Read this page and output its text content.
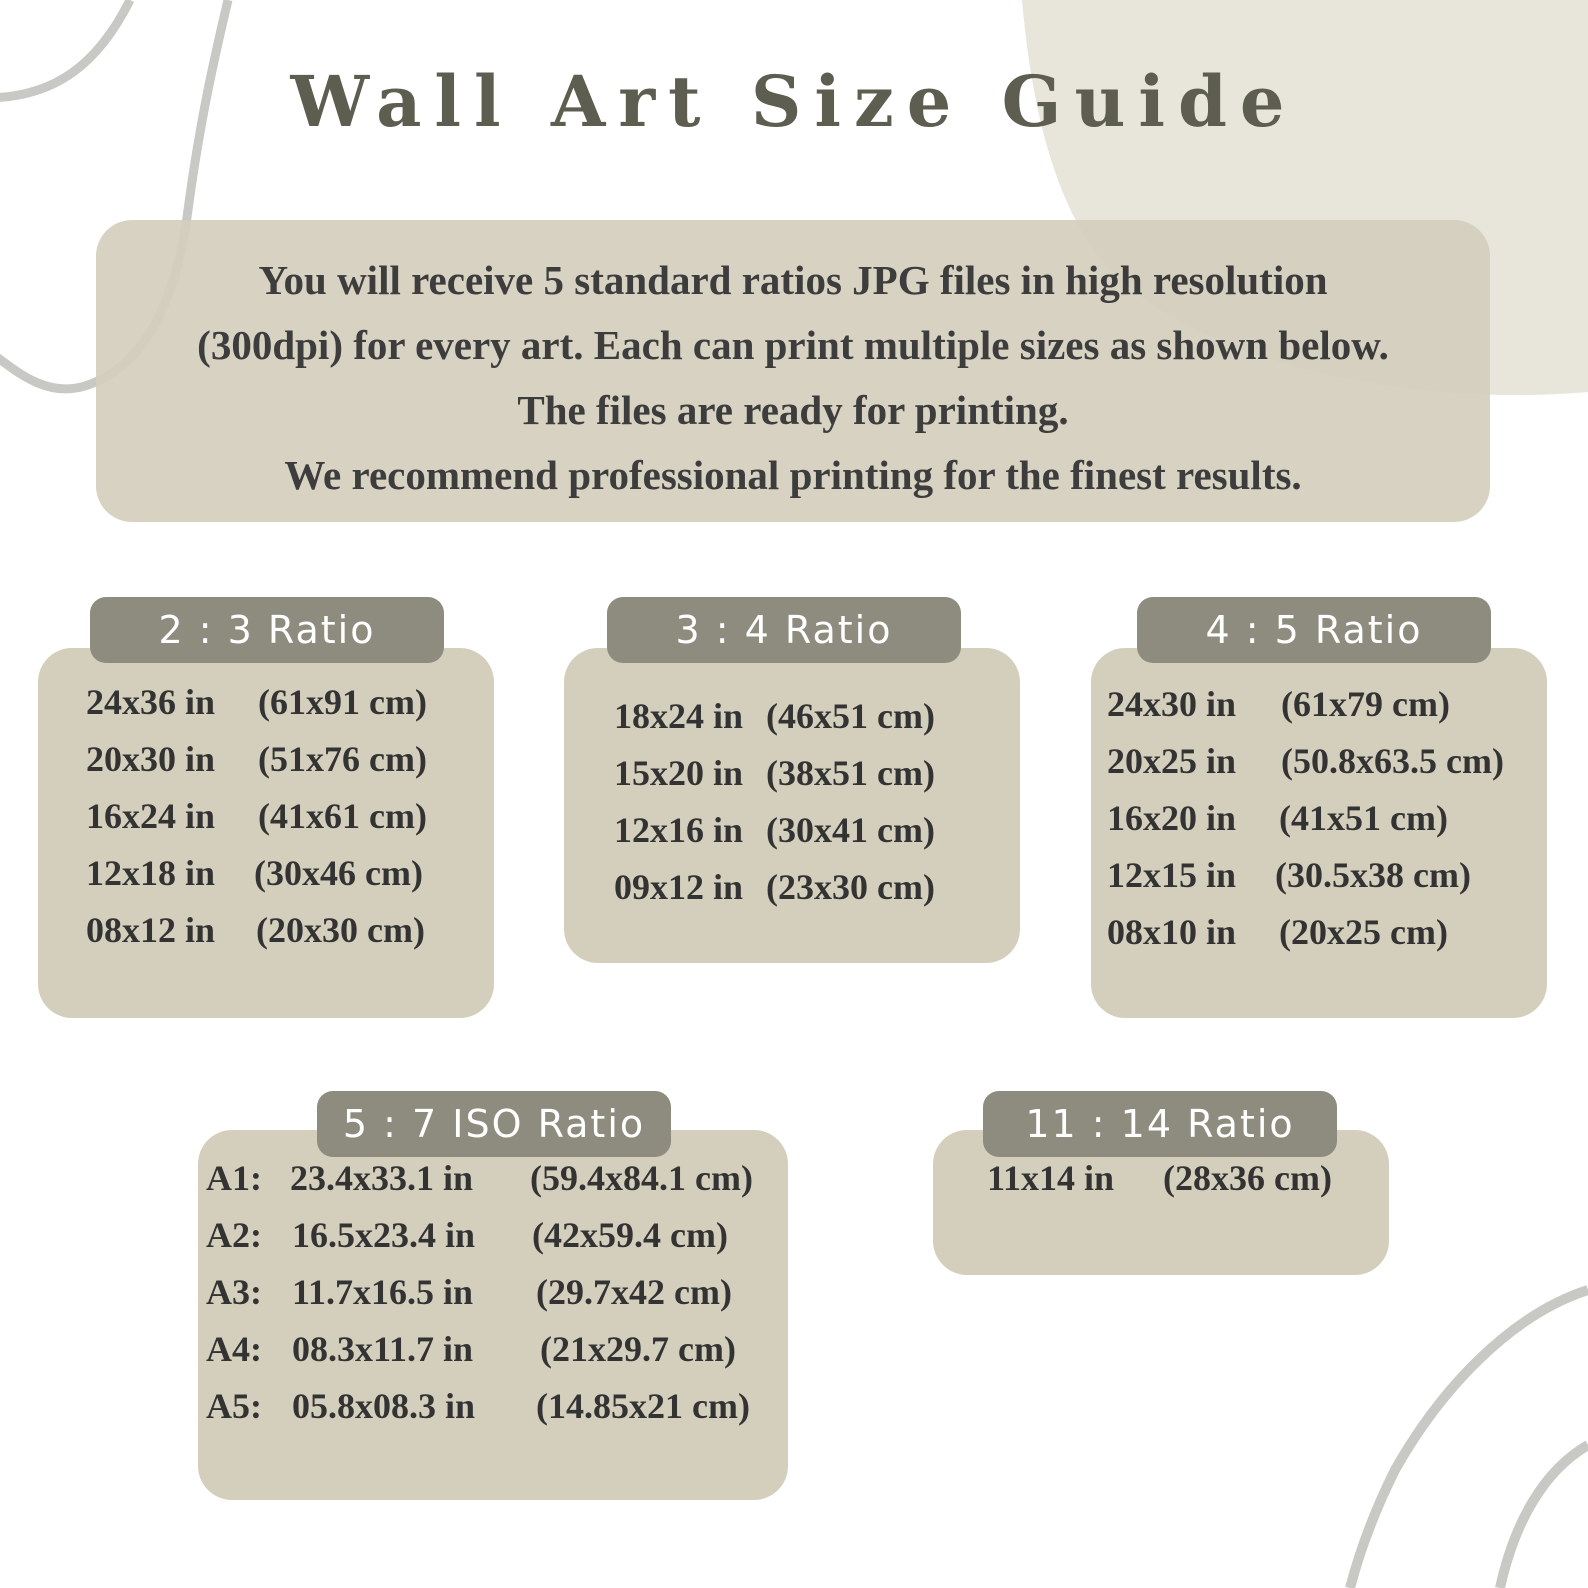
Wall Art Size Guide
You will receive 5 standard ratios JPG files in high resolution
(300dpi) for every art. Each can print multiple sizes as shown below.
The files are ready for printing.
We recommend professional printing for the finest results.
24x36 in (61x91 cm)
20x30 in (51x76 cm)
16x24 in (41x61 cm)
12x18 in (30x46 cm)
08x12 in (20x30 cm)
2 : 3 Ratio
18x24 in (46x51 cm)
15x20 in (38x51 cm)
12x16 in (30x41 cm)
09x12 in (23x30 cm)
3 : 4 Ratio
24x30 in (61x79 cm)
20x25 in (50.8x63.5 cm)
16x20 in (41x51 cm)
12x15 in (30.5x38 cm)
08x10 in (20x25 cm)
4 : 5 Ratio
A1: 23.4x33.1 in (59.4x84.1 cm)
A2: 16.5x23.4 in (42x59.4 cm)
A3: 11.7x16.5 in (29.7x42 cm)
A4: 08.3x11.7 in (21x29.7 cm)
A5: 05.8x08.3 in (14.85x21 cm)
5 : 7 ISO Ratio
11x14 in (28x36 cm)
11 : 14 Ratio
